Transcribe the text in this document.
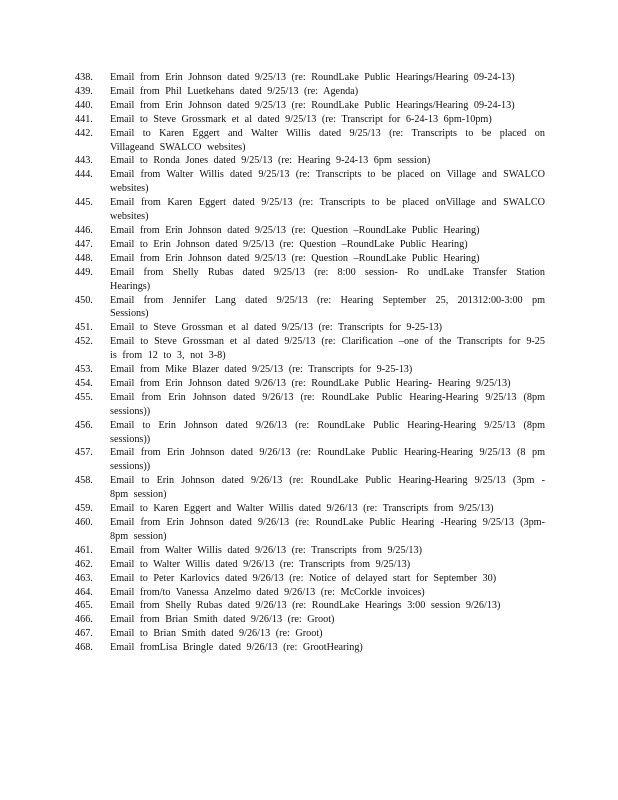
438.	Email from Erin Johnson dated 9/25/13 (re: RoundLake Public Hearings/Hearing 09-24-13)
439.	Email from Phil Luetkehans dated 9/25/13 (re: Agenda)
440.	Email from Erin Johnson dated 9/25/13 (re: RoundLake Public Hearings/Hearing 09-24-13)
441.	Email to Steve Grossmark et al dated 9/25/13 (re: Transcript for 6-24-13 6pm-10pm)
442.	Email to Karen Eggert and Walter Willis dated 9/25/13 (re: Transcripts to be placed on Villageand SWALCO websites)
443.	Email to Ronda Jones dated 9/25/13 (re: Hearing 9-24-13 6pm session)
444.	Email from Walter Willis dated 9/25/13 (re: Transcripts to be placed on Village and SWALCO websites)
445.	Email from Karen Eggert dated 9/25/13 (re: Transcripts to be placed onVillage and SWALCO websites)
446.	Email from Erin Johnson dated 9/25/13 (re: Question –RoundLake Public Hearing)
447.	Email to Erin Johnson dated 9/25/13 (re: Question –RoundLake Public Hearing)
448.	Email from Erin Johnson dated 9/25/13 (re: Question –RoundLake Public Hearing)
449.	Email from Shelly Rubas dated 9/25/13 (re: 8:00 session- Ro undLake Transfer Station Hearings)
450.	Email from Jennifer Lang dated 9/25/13 (re: Hearing September 25, 201312:00-3:00 pm Sessions)
451.	Email to Steve Grossman et al dated 9/25/13 (re: Transcripts for 9-25-13)
452.	Email to Steve Grossman et al dated 9/25/13 (re: Clarification –one of the Transcripts for 9-25 is from 12 to 3, not 3-8)
453.	Email from Mike Blazer dated 9/25/13 (re: Transcripts for 9-25-13)
454.	Email from Erin Johnson dated 9/26/13 (re: RoundLake Public Hearing- Hearing 9/25/13)
455.	Email from Erin Johnson dated 9/26/13 (re: RoundLake Public Hearing-Hearing 9/25/13 (8pm sessions))
456.	Email to Erin Johnson dated 9/26/13 (re: RoundLake Public Hearing-Hearing 9/25/13 (8pm sessions))
457.	Email from Erin Johnson dated 9/26/13 (re: RoundLake Public Hearing-Hearing 9/25/13 (8 pm sessions))
458.	Email to Erin Johnson dated 9/26/13 (re: RoundLake Public Hearing-Hearing 9/25/13 (3pm - 8pm session)
459.	Email to Karen Eggert and Walter Willis dated 9/26/13 (re: Transcripts from 9/25/13)
460.	Email from Erin Johnson dated 9/26/13 (re: RoundLake Public Hearing -Hearing 9/25/13 (3pm-8pm session)
461.	Email from Walter Willis dated 9/26/13 (re: Transcripts from 9/25/13)
462.	Email to Walter Willis dated 9/26/13 (re: Transcripts from 9/25/13)
463.	Email to Peter Karlovics dated 9/26/13 (re: Notice of delayed start for September 30)
464.	Email from/to Vanessa Anzelmo dated 9/26/13 (re: McCorkle invoices)
465.	Email from Shelly Rubas dated 9/26/13 (re: RoundLake Hearings 3:00 session 9/26/13)
466.	Email from Brian Smith dated 9/26/13 (re: Groot)
467.	Email to Brian Smith dated 9/26/13 (re: Groot)
468.	Email fromLisa Bringle dated 9/26/13 (re: GrootHearing)
